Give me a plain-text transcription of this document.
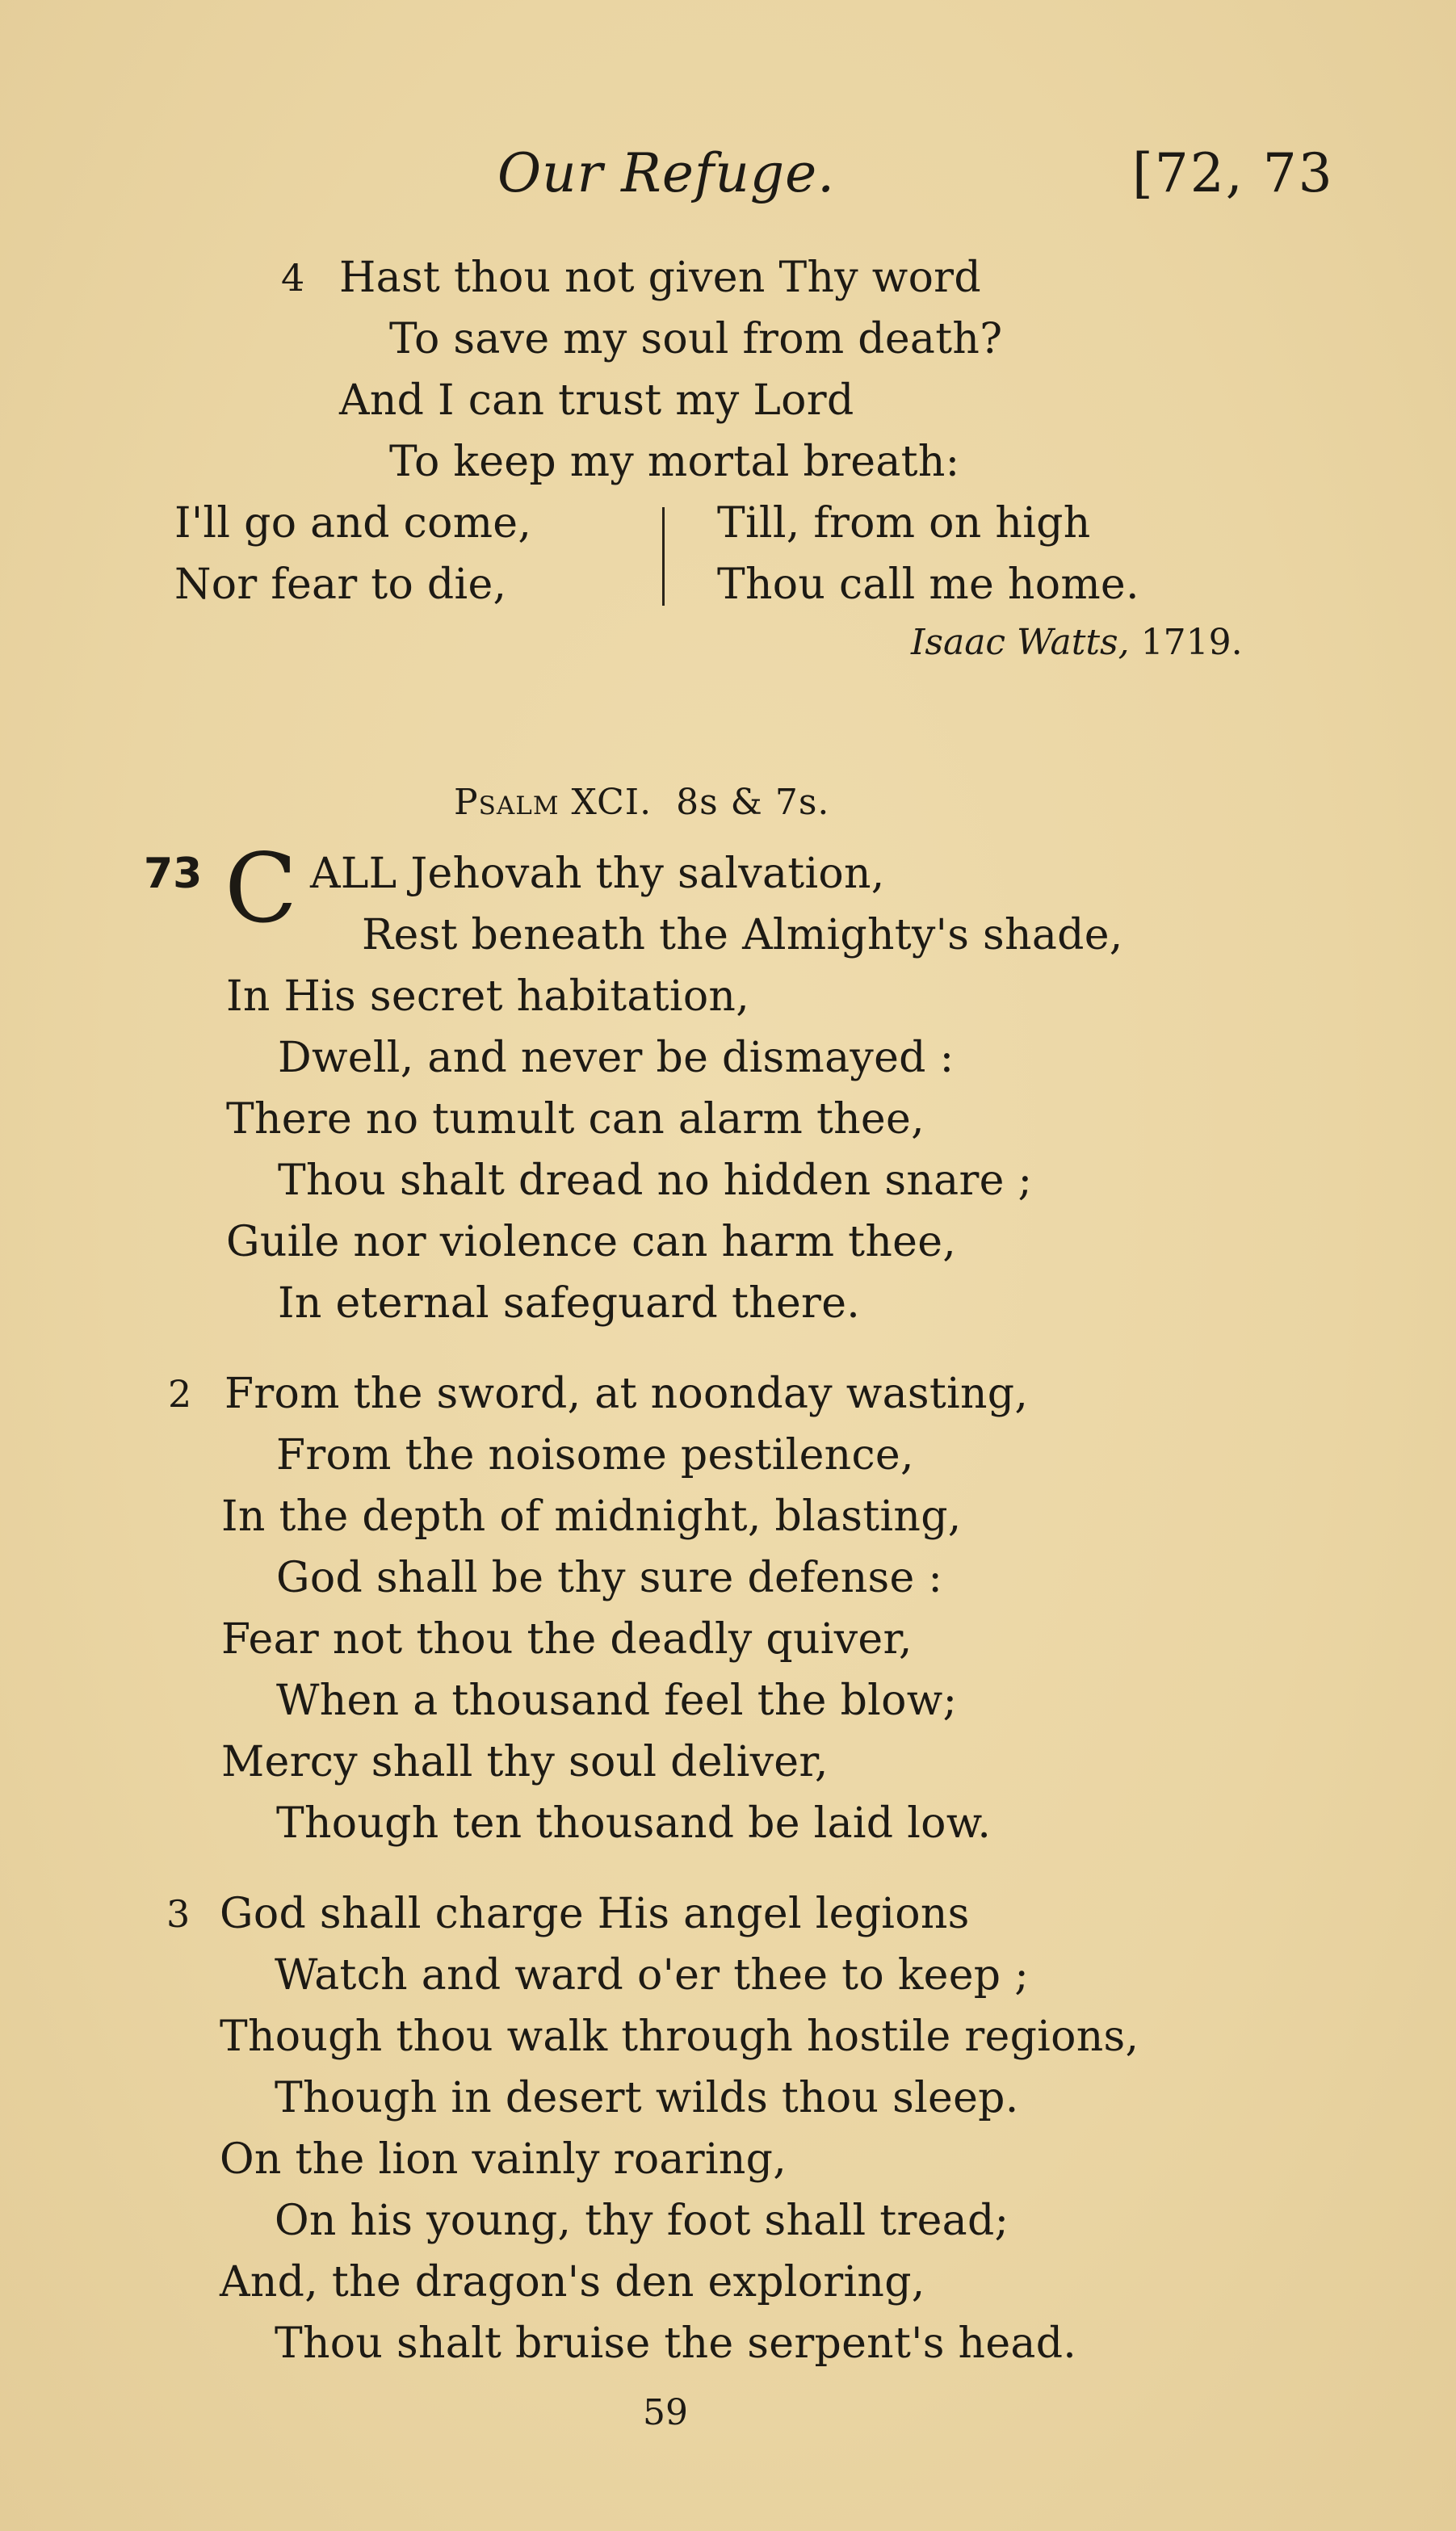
Our Refuge.	[72, 73
4 Hast thou not given Thy word
To save my soul from death?
And I can trust my Lord
To keep my mortal breath:
I'll go and come,
Nor fear to die,
Till, from on high
Thou call me home.
Isaac Watts, 1719.
Psalm XCI. 8s & 7s.
73 C ALL Jehovah thy salvation,
Rest beneath the Almighty's shade,
In His secret habitation,
Dwell, and never be dismayed :
There no tumult can alarm thee,
Thou shalt dread no hidden snare ;
Guile nor violence can harm thee,
In eternal safeguard there.
2 From the sword, at noonday wasting,
From the noisome pestilence,
In the depth of midnight, blasting,
God shall be thy sure defense :
Fear not thou the deadly quiver,
When a thousand feel the blow;
Mercy shall thy soul deliver,
Though ten thousand be laid low.
3 God shall charge His angel legions
Watch and ward o'er thee to keep ;
Though thou walk through hostile regions,
Though in desert wilds thou sleep.
On the lion vainly roaring,
On his young, thy foot shall tread;
And, the dragon's den exploring,
Thou shalt bruise the serpent's head.
59
